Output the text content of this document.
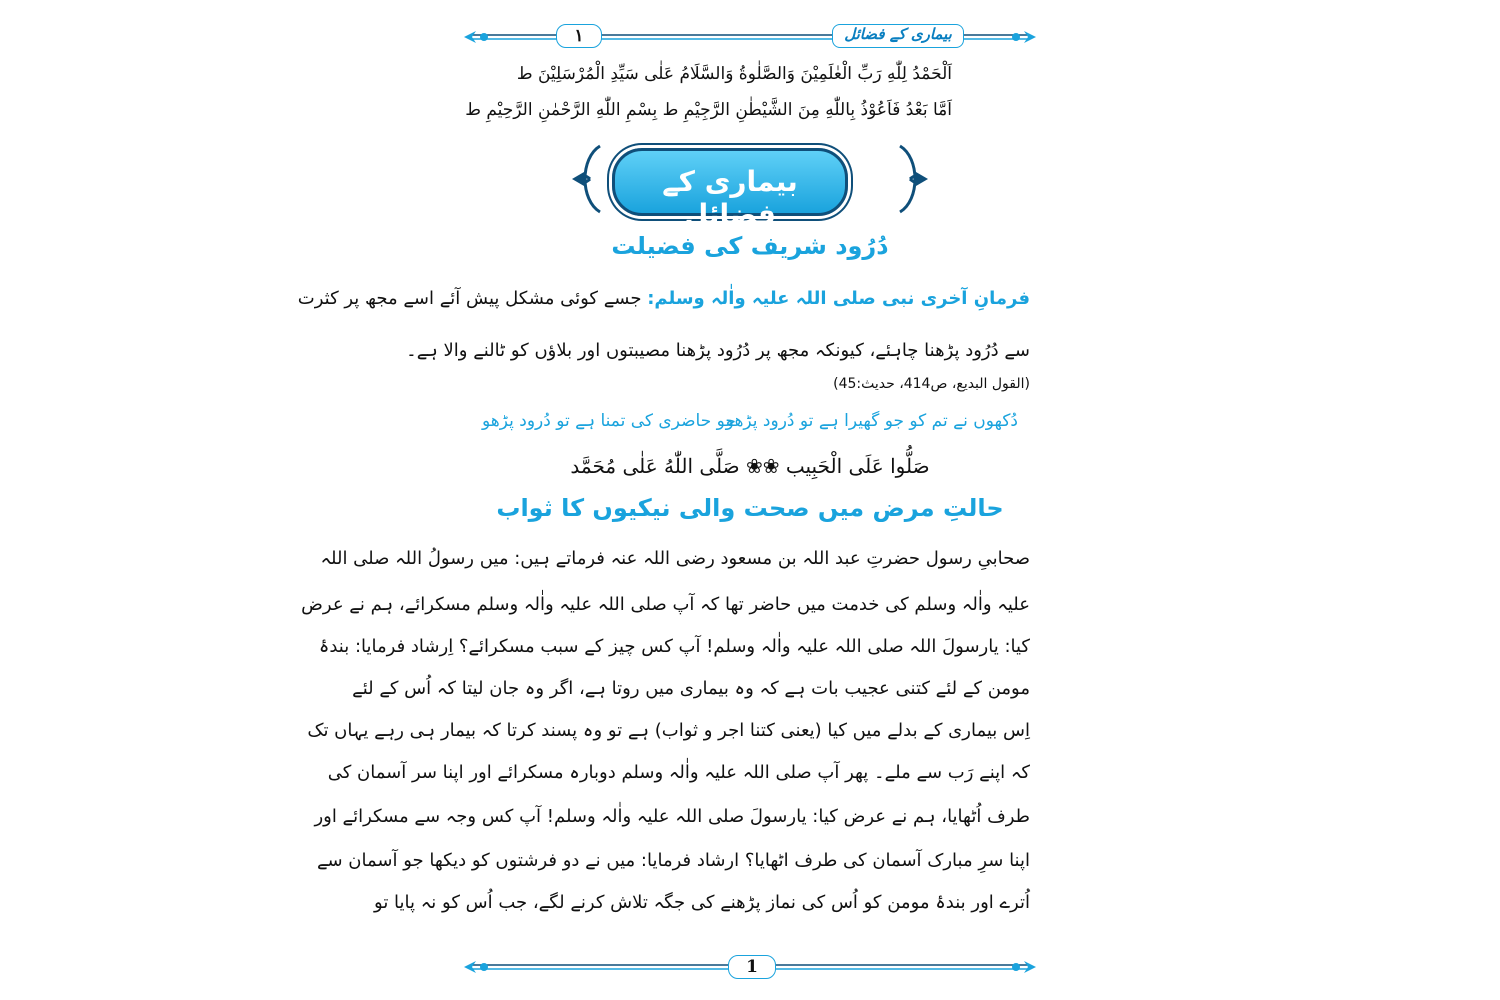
۱	بیماری کے فضائل
اَلْحَمْدُ لِلّٰهِ رَبِّ الْعٰلَمِيْنَ وَالصَّلٰوةُ وَالسَّلَامُ عَلٰى سَيِّدِ الْمُرْسَلِيْنَ ط
اَمَّا بَعْدُ فَاَعُوْذُ بِاللّٰهِ مِنَ الشَّيْطٰنِ الرَّجِيْمِ ط بِسْمِ اللّٰهِ الرَّحْمٰنِ الرَّحِيْمِ ط
بیماری کے فضائل
دُرُود شریف کی فضیلت
فرمانِ آخری نبی صلی اللہ علیہ واٰلہ وسلم: جسے کوئی مشکل پیش آئے اسے مجھ پر کثرت
سے دُرُود پڑھنا چاہئے، کیونکہ مجھ پر دُرُود پڑھنا مصیبتوں اور بلاؤں کو ٹالنے والا ہے۔
(القول البدیع، ص414، حدیث:45)
دُکھوں نے تم کو جو گھیرا ہے تو دُرود پڑھو
جو حاضری کی تمنا ہے تو دُرود پڑھو
صَلُّوا عَلَى الْحَبِيب ❀❀ صَلَّى اللّٰهُ عَلٰى مُحَمَّد
حالتِ مرض میں صحت والی نیکیوں کا ثواب
صحابیِ رسول حضرتِ عبد اللہ بن مسعود رضی اللہ عنہ فرماتے ہیں: میں رسولُ اللہ صلی اللہ
علیہ واٰلہ وسلم کی خدمت میں حاضر تھا کہ آپ صلی اللہ علیہ واٰلہ وسلم مسکرائے، ہم نے عرض
کیا: یارسولَ اللہ صلی اللہ علیہ واٰلہ وسلم! آپ کس چیز کے سبب مسکرائے؟ اِرشاد فرمایا: بندۂ
مومن کے لئے کتنی عجیب بات ہے کہ وہ بیماری میں روتا ہے، اگر وہ جان لیتا کہ اُس کے لئے
اِس بیماری کے بدلے میں کیا (یعنی کتنا اجر و ثواب) ہے تو وہ پسند کرتا کہ بیمار ہی رہے یہاں تک
کہ اپنے رَب سے ملے۔ پھر آپ صلی اللہ علیہ واٰلہ وسلم دوبارہ مسکرائے اور اپنا سر آسمان کی
طرف اُٹھایا، ہم نے عرض کیا: یارسولَ صلی اللہ علیہ واٰلہ وسلم! آپ کس وجہ سے مسکرائے اور
اپنا سرِ مبارک آسمان کی طرف اٹھایا؟ ارشاد فرمایا: میں نے دو فرشتوں کو دیکھا جو آسمان سے
اُترے اور بندۂ مومن کو اُس کی نماز پڑھنے کی جگہ تلاش کرنے لگے، جب اُس کو نہ پایا تو
1
